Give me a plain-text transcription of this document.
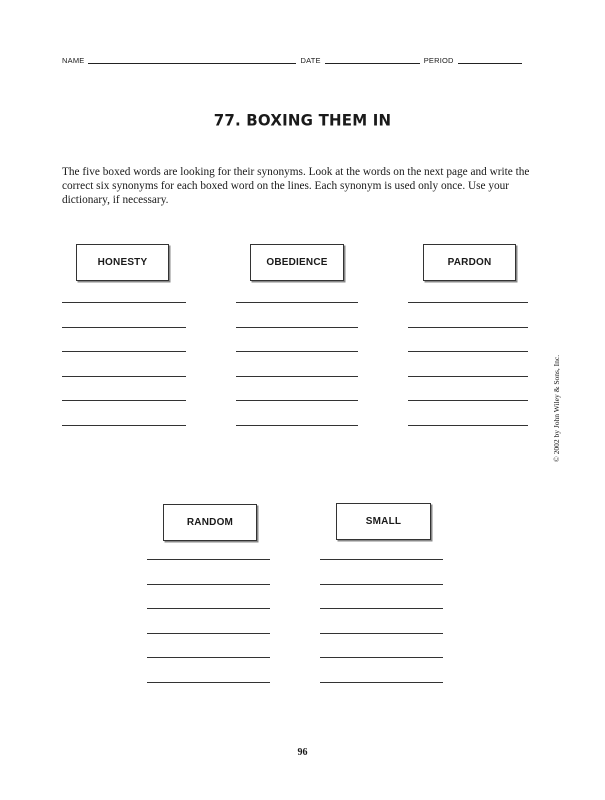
NAME	DATE	PERIOD
77. BOXING THEM IN
The five boxed words are looking for their synonyms. Look at the words on the next page and write the correct six synonyms for each boxed word on the lines. Each synonym is used only once. Use your dictionary, if necessary.
HONESTY	OBEDIENCE	PARDON
RANDOM	SMALL
© 2002 by John Wiley & Sons, Inc.
96
